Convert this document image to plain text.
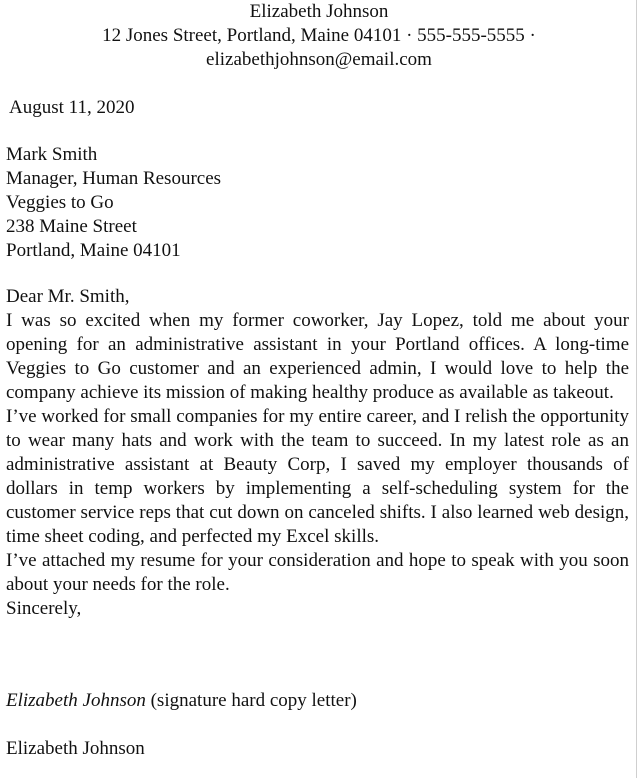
Elizabeth Johnson
12 Jones Street, Portland, Maine 04101 · 555-555-5555 ·
elizabethjohnson@email.com
August 11, 2020
Mark Smith
Manager, Human Resources
Veggies to Go
238 Maine Street
Portland, Maine 04101
Dear Mr. Smith,

I was so excited when my former coworker, Jay Lopez, told me about your opening for an administrative assistant in your Portland offices. A long-time Veggies to Go customer and an experienced admin, I would love to help the company achieve its mission of making healthy produce as available as takeout.

I’ve worked for small companies for my entire career, and I relish the opportunity to wear many hats and work with the team to succeed. In my latest role as an administrative assistant at Beauty Corp, I saved my employer thousands of dollars in temp workers by implementing a self-scheduling system for the customer service reps that cut down on canceled shifts. I also learned web design, time sheet coding, and perfected my Excel skills.

I’ve attached my resume for your consideration and hope to speak with you soon about your needs for the role.

Sincerely,
Elizabeth Johnson (signature hard copy letter)
Elizabeth Johnson
